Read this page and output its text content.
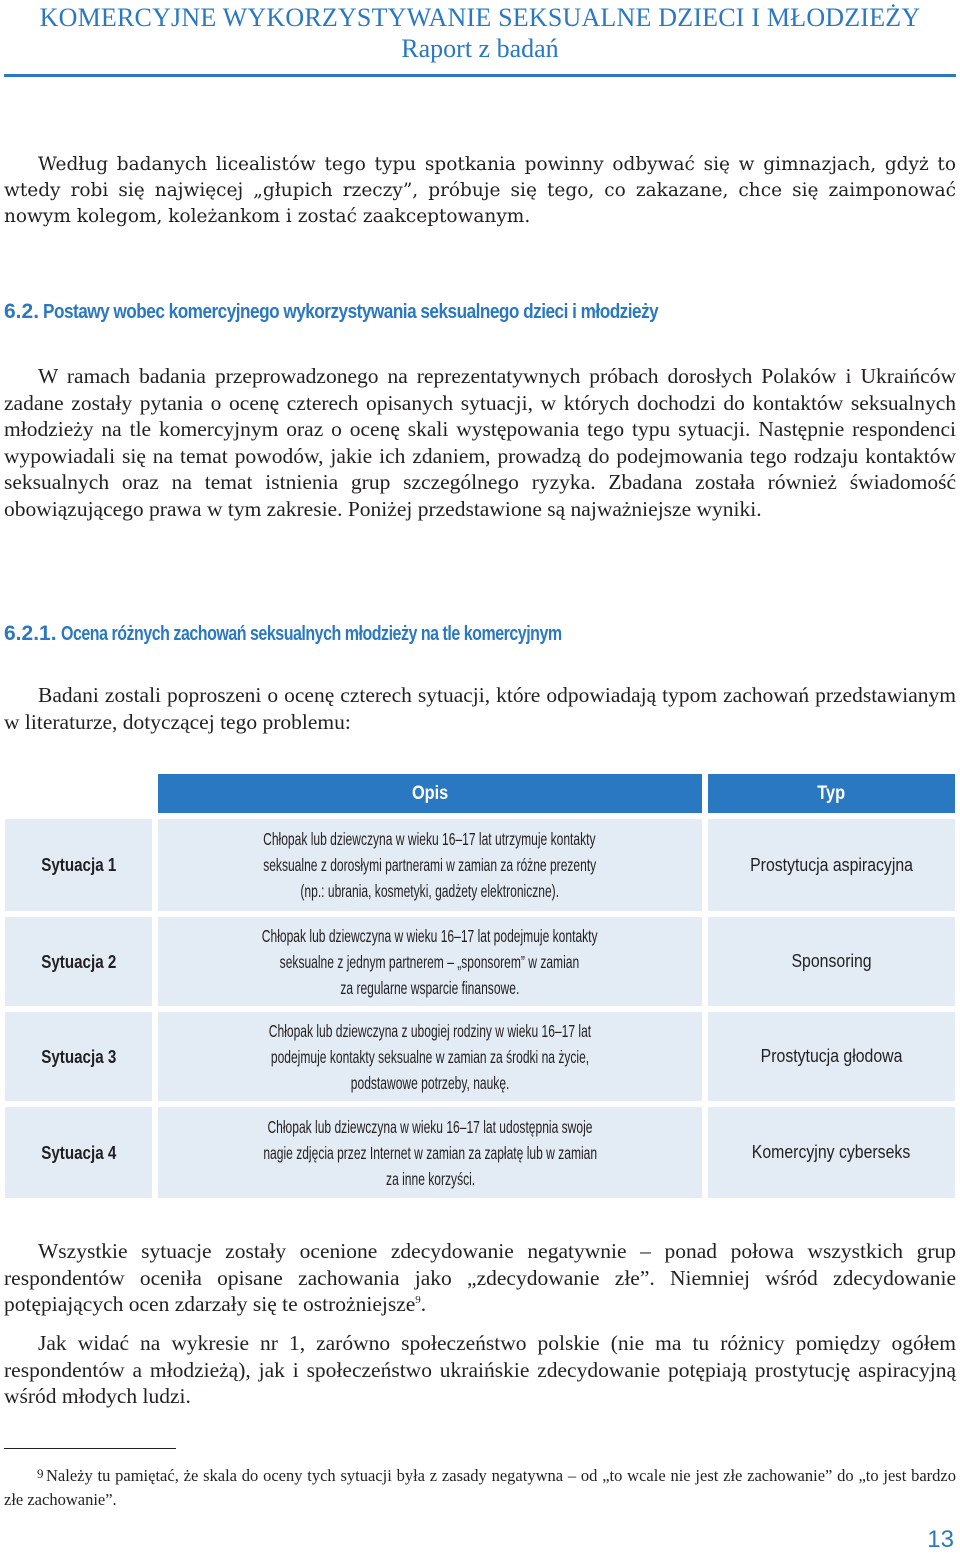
KOMERCYJNE WYKORZYSTYWANIE SEKSUALNE DZIECI I MŁODZIEŻY
Raport z badań
Według badanych licealistów tego typu spotkania powinny odbywać się w gimnazjach, gdyż to wtedy robi się najwięcej „głupich rzeczy”, próbuje się tego, co zakazane, chce się zaimponować nowym kolegom, koleżankom i zostać zaakceptowanym.
6.2. Postawy wobec komercyjnego wykorzystywania seksualnego dzieci i młodzieży
W ramach badania przeprowadzonego na reprezentatywnych próbach dorosłych Polaków i Ukraińców zadane zostały pytania o ocenę czterech opisanych sytuacji, w których dochodzi do kontaktów seksualnych młodzieży na tle komercyjnym oraz o ocenę skali występowania tego typu sytuacji. Następnie respondenci wypowiadali się na temat powodów, jakie ich zdaniem, prowadzą do podejmowania tego rodzaju kontaktów seksualnych oraz na temat istnienia grup szczególnego ryzyka. Zbadana została również świadomość obowiązującego prawa w tym zakresie. Poniżej przedstawione są najważniejsze wyniki.
6.2.1. Ocena różnych zachowań seksualnych młodzieży na tle komercyjnym
Badani zostali poproszeni o ocenę czterech sytuacji, które odpowiadają typom zachowań przedstawianym w literaturze, dotyczącej tego problemu:
Opis	Typ
Sytuacja 1
Chłopak lub dziewczyna w wieku 16–17 lat utrzymuje kontakty
seksualne z dorosłymi partnerami w zamian za różne prezenty
(np.: ubrania, kosmetyki, gadżety elektroniczne).
Prostytucja aspiracyjna
Sytuacja 2
Chłopak lub dziewczyna w wieku 16–17 lat podejmuje kontakty
seksualne z jednym partnerem – „sponsorem” w zamian
za regularne wsparcie finansowe.
Sponsoring
Sytuacja 3
Chłopak lub dziewczyna z ubogiej rodziny w wieku 16–17 lat
podejmuje kontakty seksualne w zamian za środki na życie,
podstawowe potrzeby, naukę.
Prostytucja głodowa
Sytuacja 4
Chłopak lub dziewczyna w wieku 16–17 lat udostępnia swoje
nagie zdjęcia przez Internet w zamian za zapłatę lub w zamian
za inne korzyści.
Komercyjny cyberseks
Wszystkie sytuacje zostały ocenione zdecydowanie negatywnie – ponad połowa wszystkich grup respondentów oceniła opisane zachowania jako „zdecydowanie złe”. Niemniej wśród zdecydowanie potępiających ocen zdarzały się te ostrożniejsze$^9$.
Jak widać na wykresie nr 1, zarówno społeczeństwo polskie (nie ma tu różnicy pomiędzy ogółem respondentów a młodzieżą), jak i społeczeństwo ukraińskie zdecydowanie potępiają prostytucję aspiracyjną wśród młodych ludzi.
9 Należy tu pamiętać, że skala do oceny tych sytuacji była z zasady negatywna – od „to wcale nie jest złe zachowanie” do „to jest bardzo złe zachowanie”.
13
